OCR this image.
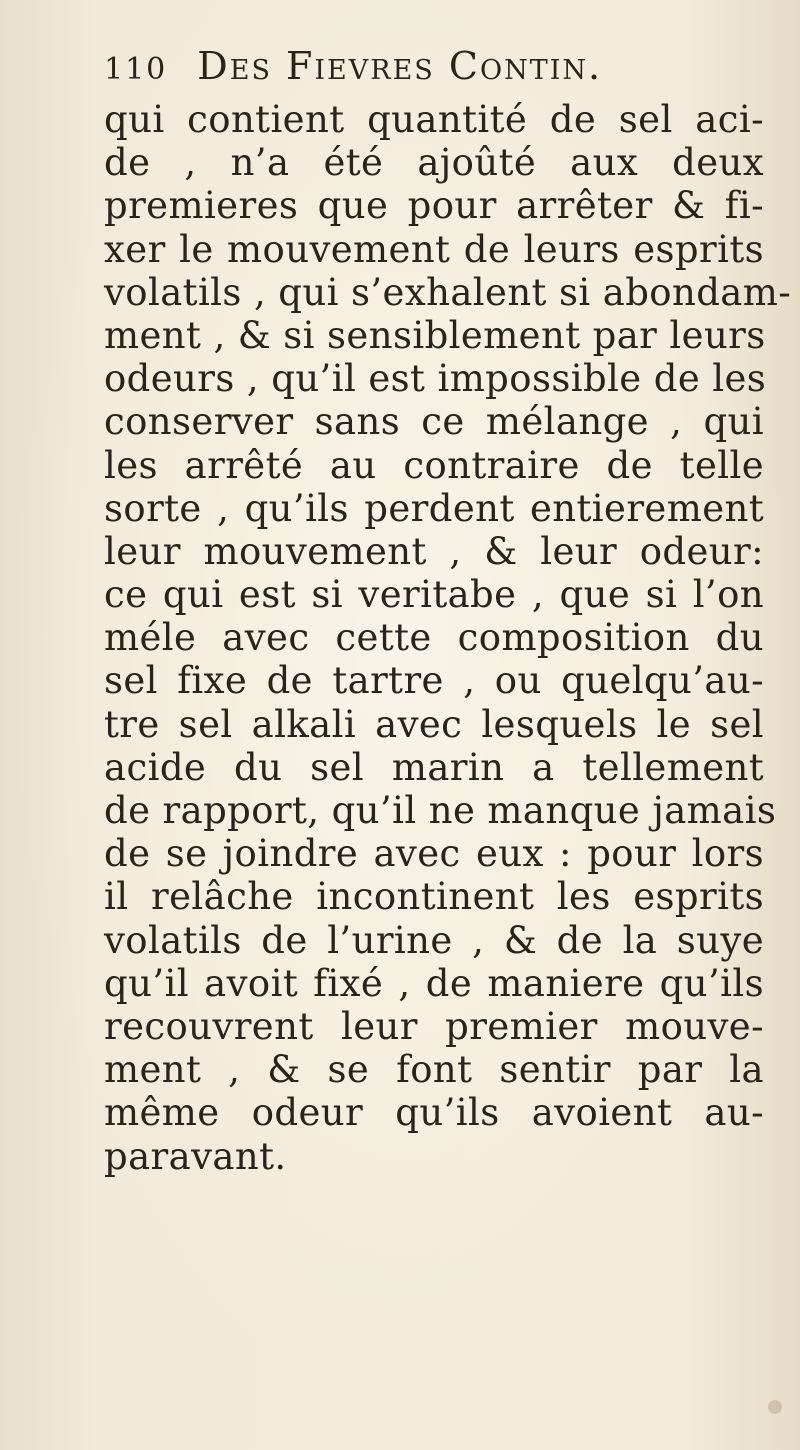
110 Des Fievres Contin.
qui contient quantité de sel aci-
de , n’a été ajoûté aux deux
premieres que pour arrêter & fi-
xer le mouvement de leurs esprits
volatils , qui s’exhalent si abondam-
ment , & si sensiblement par leurs
odeurs , qu’il est impossible de les
conserver sans ce mélange , qui
les arrêté au contraire de telle
sorte , qu’ils perdent entierement
leur mouvement , & leur odeur:
ce qui est si veritabe , que si l’on
méle avec cette composition du
sel fixe de tartre , ou quelqu’au-
tre sel alkali avec lesquels le sel
acide du sel marin a tellement
de rapport, qu’il ne manque jamais
de se joindre avec eux : pour lors
il relâche incontinent les esprits
volatils de l’urine , & de la suye
qu’il avoit fixé , de maniere qu’ils
recouvrent leur premier mouve-
ment , & se font sentir par la
même odeur qu’ils avoient au-
paravant.
